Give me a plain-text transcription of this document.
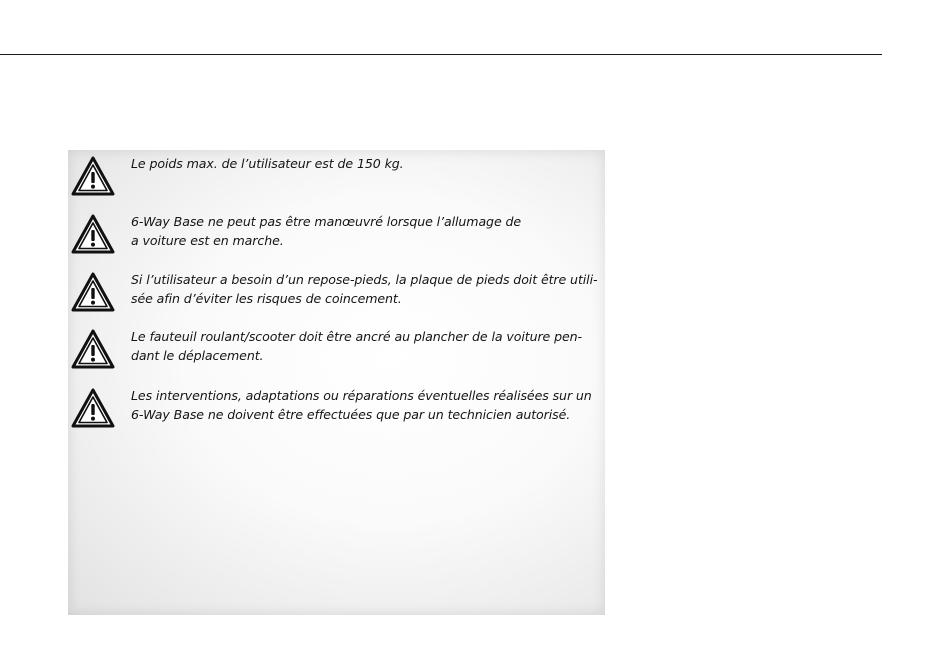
Le poids max. de l’utilisateur est de 150 kg.
6-Way Base ne peut pas être manœuvré lorsque l’allumage de
a voiture est en marche.
Si l’utilisateur a besoin d’un repose-pieds, la plaque de pieds doit être utili-
sée afin d’éviter les risques de coincement.
Le fauteuil roulant/scooter doit être ancré au plancher de la voiture pen-
dant le déplacement.
Les interventions, adaptations ou réparations éventuelles réalisées sur un
6-Way Base ne doivent être effectuées que par un technicien autorisé.
